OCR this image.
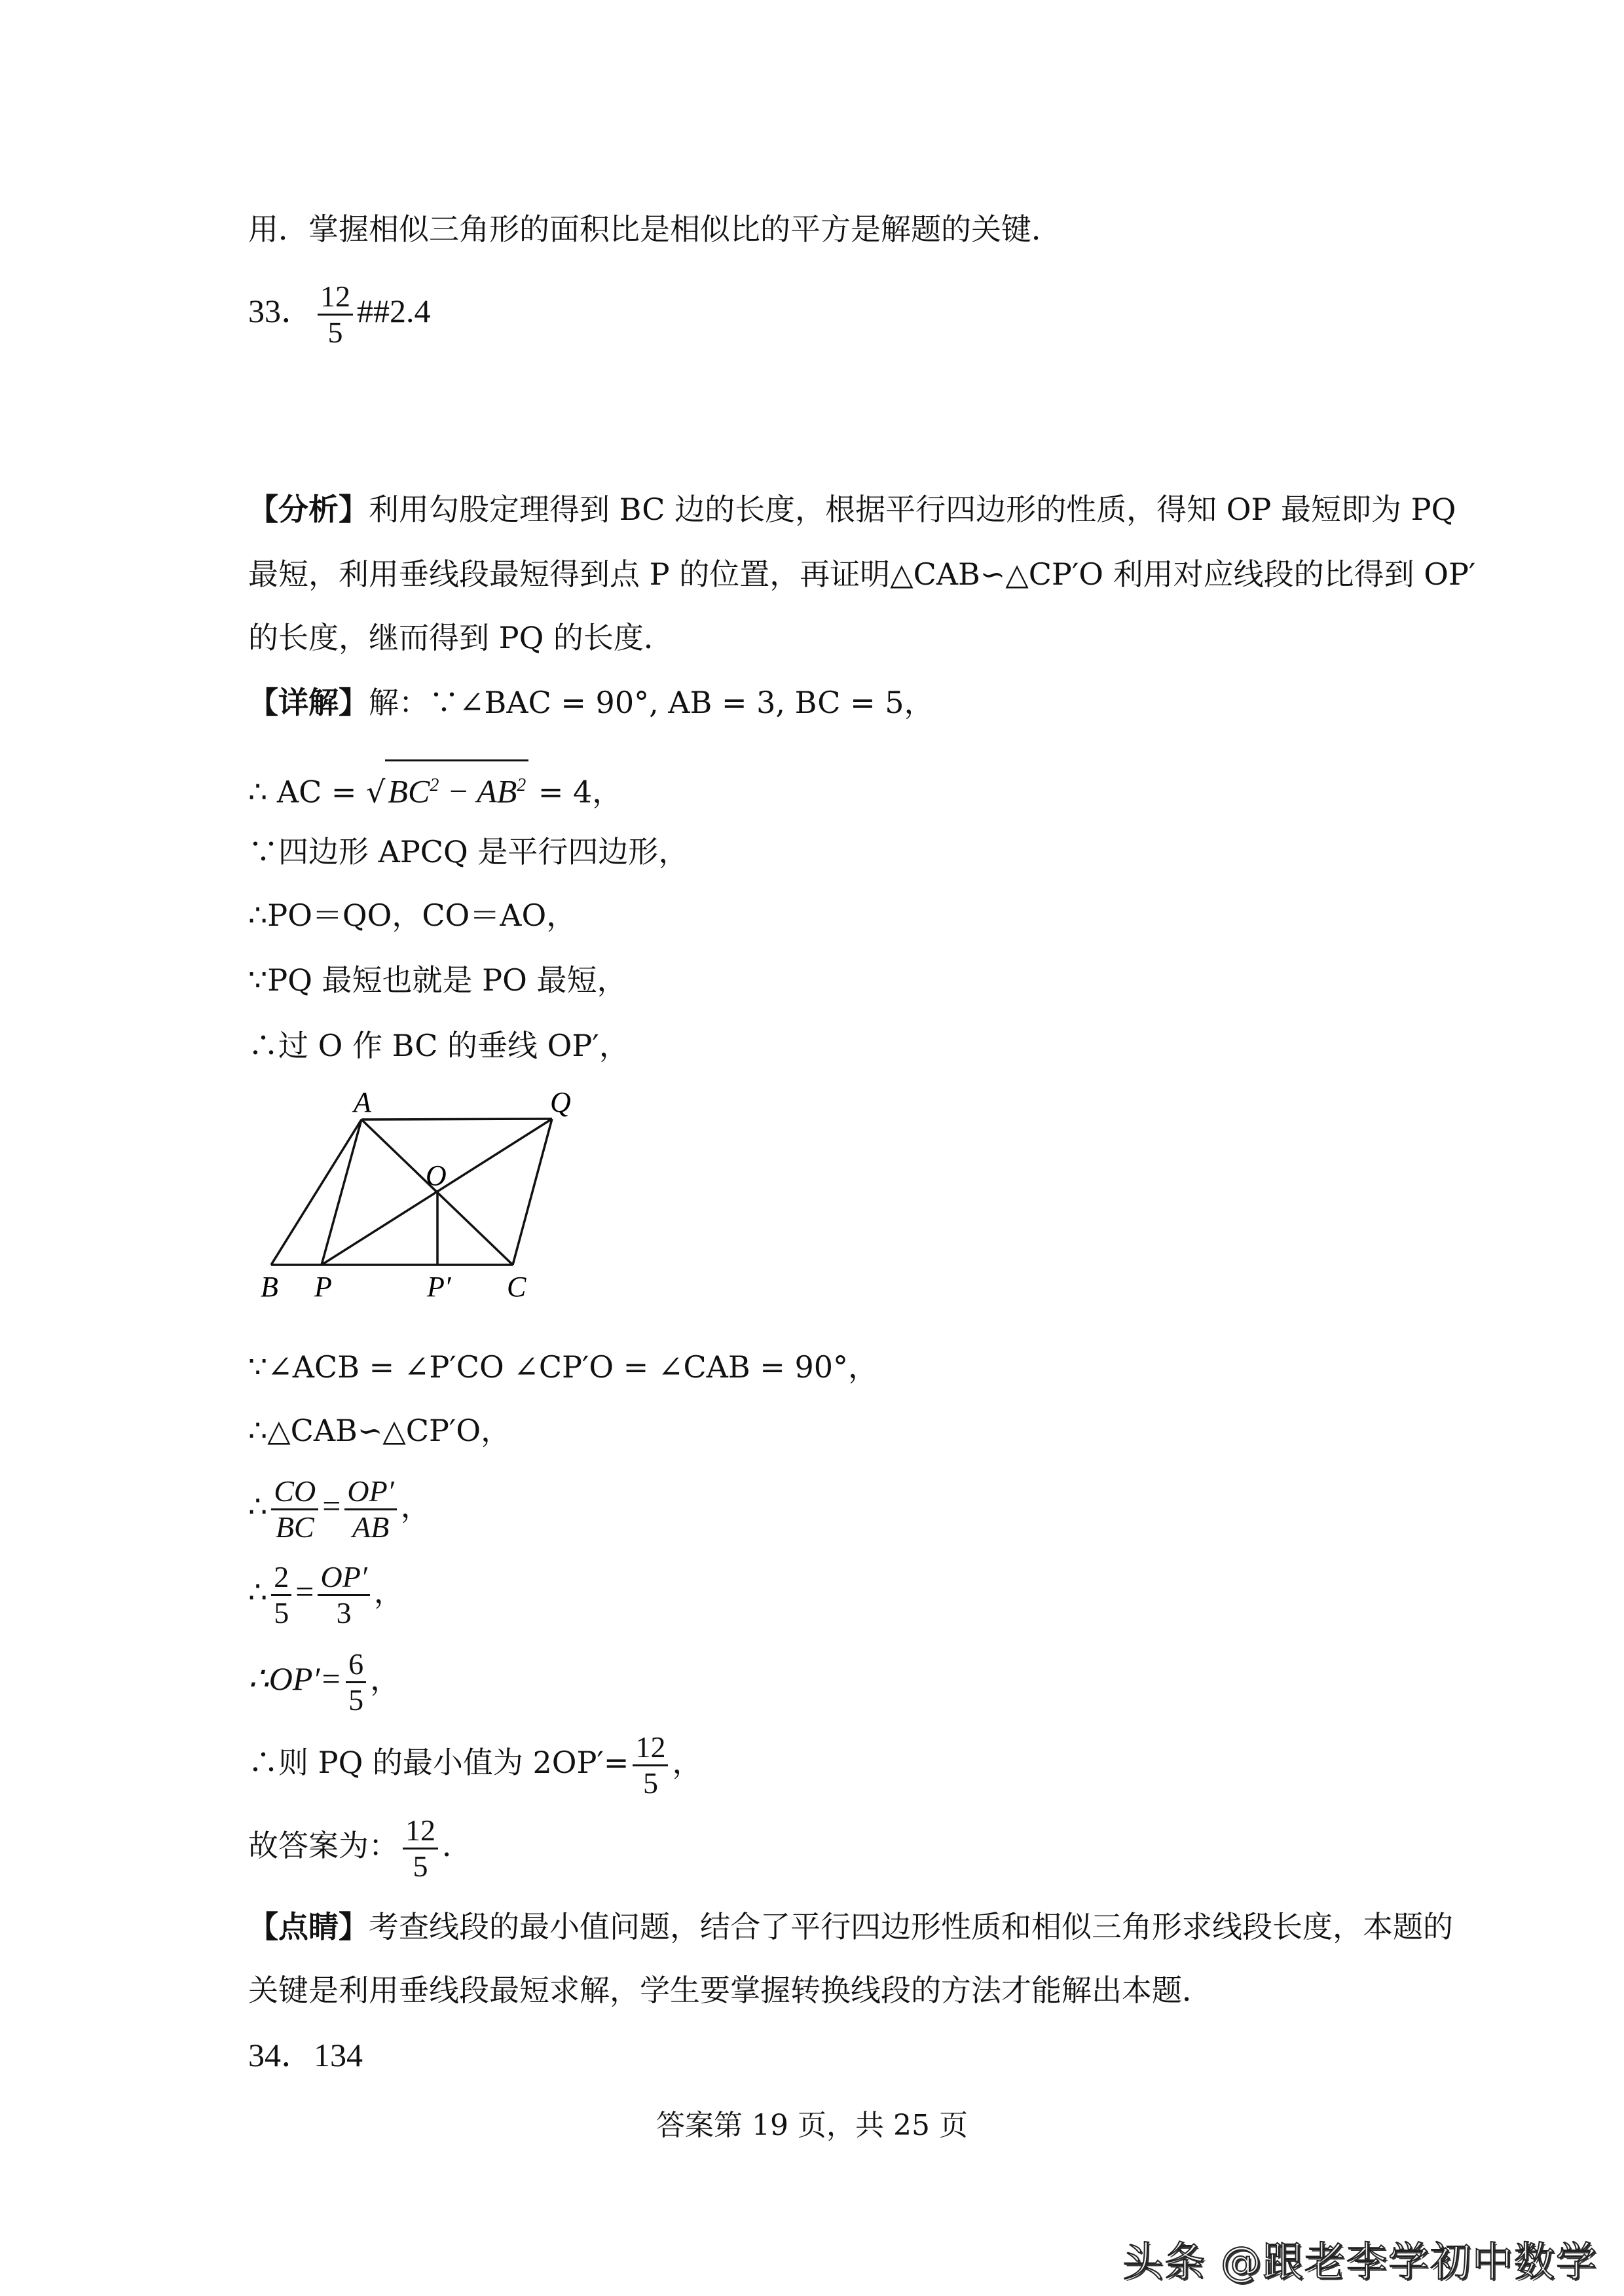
用．掌握相似三角形的面积比是相似比的平方是解题的关键．
33． $\frac{12}{5}$ ##2.4
【分析】利用勾股定理得到 BC 边的长度，根据平行四边形的性质，得知 OP 最短即为 PQ
最短，利用垂线段最短得到点 P 的位置，再证明△CAB∽△CP′O 利用对应线段的比得到 OP′
的长度，继而得到 PQ 的长度．
【详解】解：∵∠BAC = 90°, AB = 3, BC = 5，
∴ AC = $√BC^2 - AB^2 = 4$，
∵四边形 APCQ 是平行四边形，
∴PO＝QO，CO＝AO，
∵PQ 最短也就是 PO 最短，
∴过 O 作 BC 的垂线 OP′，
A	Q
O
B P	P′ C
∵∠ACB = ∠P′CO ∠CP′O = ∠CAB = 90°，
∴△CAB∽△CP′O，
∴ $\frac{CO}{BC} = \frac{OP'}{AB}$ ，
∴ $\frac{2}{5} = \frac{OP'}{3}$ ，
∴OP′= $\frac{6}{5}$ ，
∴则 PQ 的最小值为 $2OP'= \frac{12}{5}$ ，
故答案为： $\frac{12}{5}$ ．
【点睛】考查线段的最小值问题，结合了平行四边形性质和相似三角形求线段长度，本题的
关键是利用垂线段最短求解，学生要掌握转换线段的方法才能解出本题．
34．134
答案第 19 页，共 25 页
头条 @跟老李学初中数学
